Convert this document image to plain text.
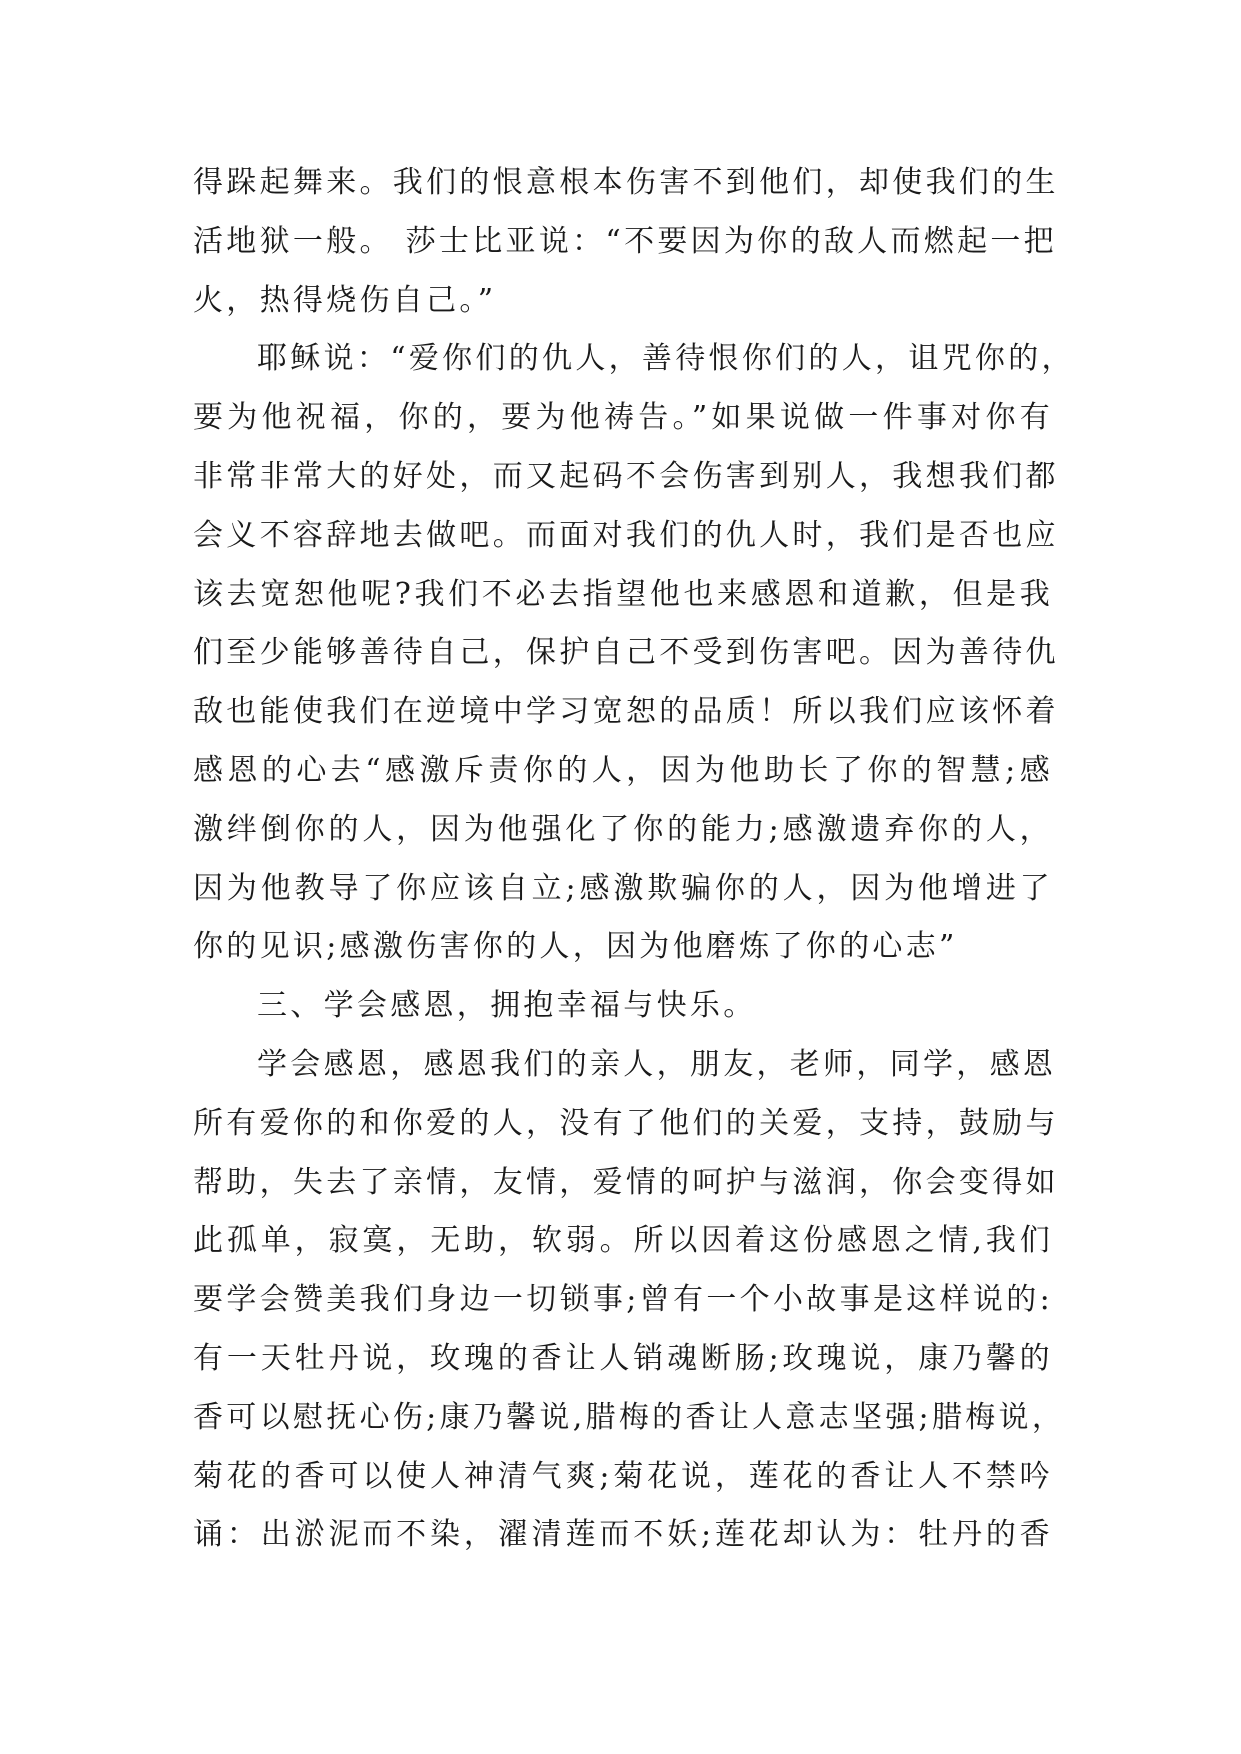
得跺起舞来。我们的恨意根本伤害不到他们，却使我们的生
活地狱一般。 莎士比亚说：“不要因为你的敌人而燃起一把
火，热得烧伤自己。”
耶稣说：“爱你们的仇人，善待恨你们的人，诅咒你的，
要为他祝福，你的，要为他祷告。”如果说做一件事对你有
非常非常大的好处，而又起码不会伤害到别人，我想我们都
会义不容辞地去做吧。而面对我们的仇人时，我们是否也应
该去宽恕他呢?我们不必去指望他也来感恩和道歉，但是我
们至少能够善待自己，保护自己不受到伤害吧。因为善待仇
敌也能使我们在逆境中学习宽恕的品质！所以我们应该怀着
感恩的心去“感激斥责你的人，因为他助长了你的智慧;感
激绊倒你的人，因为他强化了你的能力;感激遗弃你的人，
因为他教导了你应该自立;感激欺骗你的人，因为他增进了
你的见识;感激伤害你的人，因为他磨炼了你的心志”
三、学会感恩，拥抱幸福与快乐。
学会感恩，感恩我们的亲人，朋友，老师，同学，感恩
所有爱你的和你爱的人，没有了他们的关爱，支持，鼓励与
帮助，失去了亲情，友情，爱情的呵护与滋润，你会变得如
此孤单，寂寞，无助，软弱。所以因着这份感恩之情,我们
要学会赞美我们身边一切锁事;曾有一个小故事是这样说的:
有一天牡丹说，玫瑰的香让人销魂断肠;玫瑰说，康乃馨的
香可以慰抚心伤;康乃馨说,腊梅的香让人意志坚强;腊梅说，
菊花的香可以使人神清气爽;菊花说，莲花的香让人不禁吟
诵：出淤泥而不染，濯清莲而不妖;莲花却认为：牡丹的香
